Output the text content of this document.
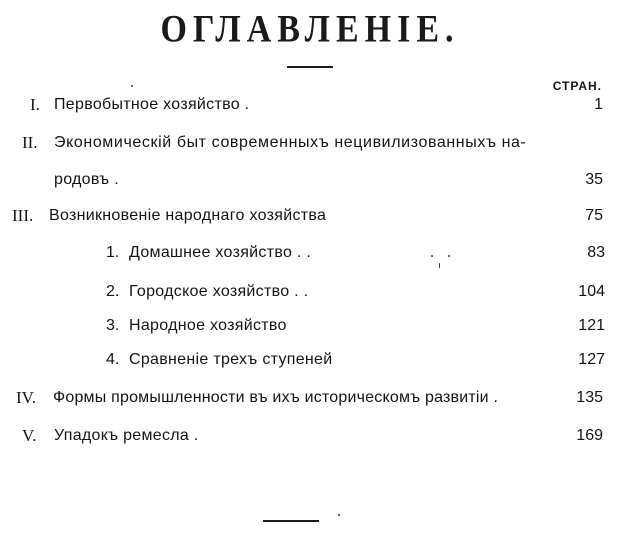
ОГЛАВЛЕНІЕ.
СТРАН.
I. Первобытное хозяйство .	1
II. Экономическій быт современныхъ нецивилизованныхъ на-
родовъ .	35
III. Возникновеніе народнаго хозяйства	75
1. Домашнее хозяйство . .	83
2. Городское хозяйство . .	104
3. Народное хозяйство	121
4. Сравненіе трехъ ступеней	127
IV. Формы промышленности въ ихъ историческомъ развитіи .	135
V. Упадокъ ремесла .	169
